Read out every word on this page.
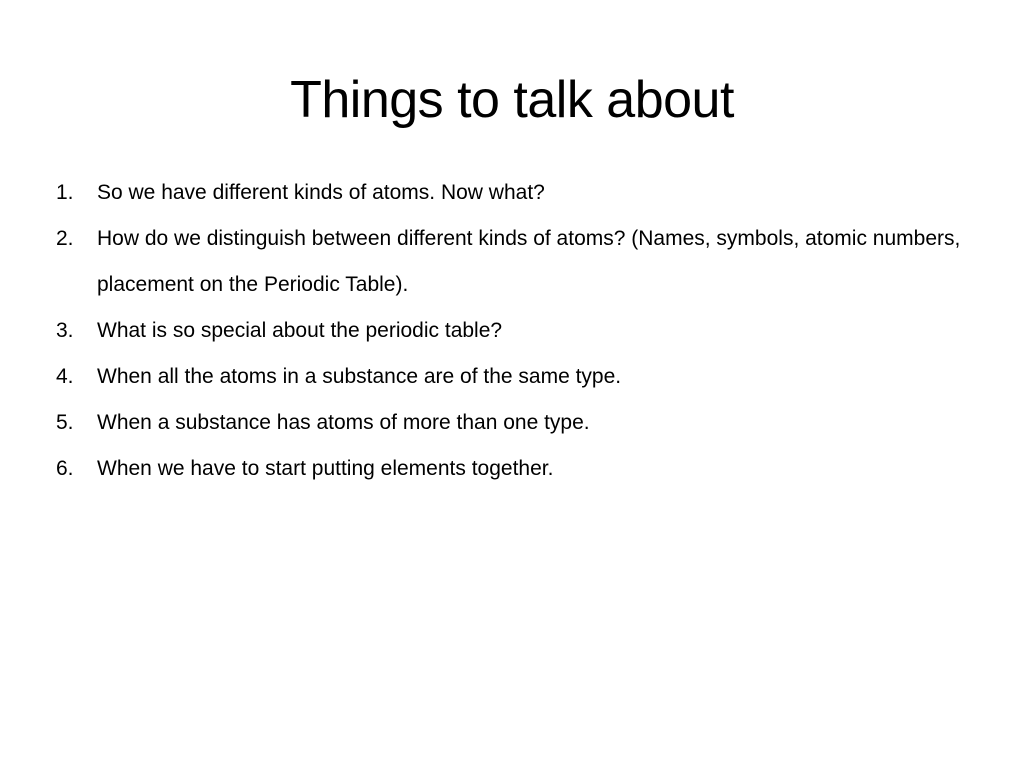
Things to talk about
1.	So we have different kinds of atoms. Now what?
2.	How do we distinguish between different kinds of atoms? (Names, symbols, atomic numbers, placement on the Periodic Table).
3.	What is so special about the periodic table?
4.	When all the atoms in a substance are of the same type.
5.	When a substance has atoms of more than one type.
6.	When we have to start putting elements together.
